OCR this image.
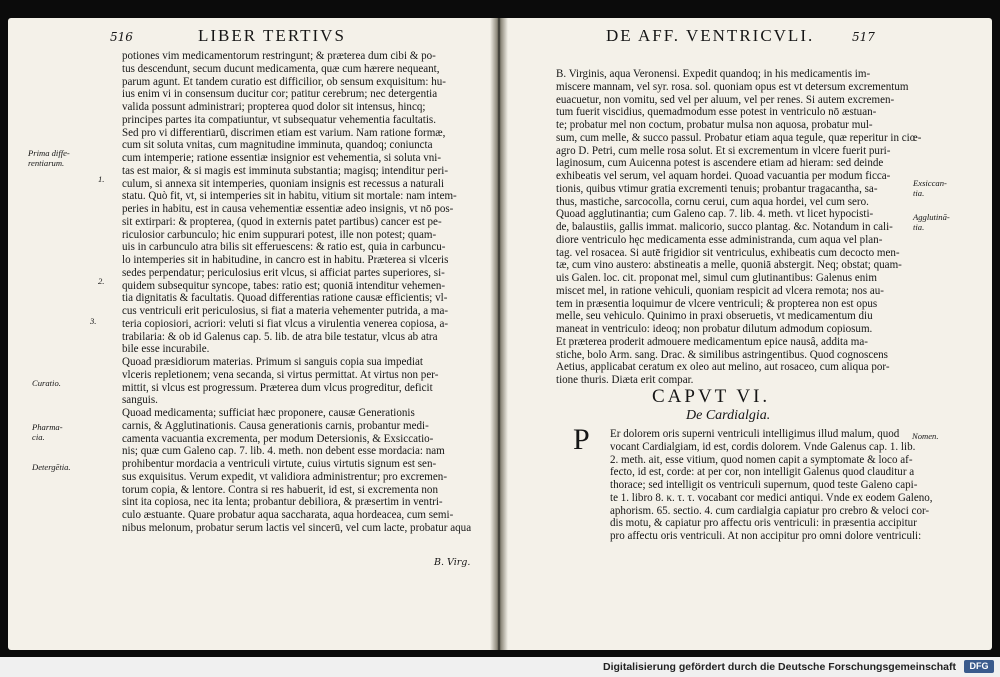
516	LIBER TERTIVS
potiones vim medicamentorum restringunt; & præterea dum cibi & po-
tus descendunt, secum ducunt medicamenta, quæ cum hærere nequeant,
parum agunt. Et tandem curatio est difficilior, ob sensum exquisitum: hu-
ius enim vi in consensum ducitur cor; patitur cerebrum; nec detergentia
valida possunt administrari; propterea quod dolor sit intensus, hincq;
principes partes ita compatiuntur, vt subsequatur vehementia facultatis.
Sed pro vi differentiarū, discrimen etiam est varium. Nam ratione formæ,
cum sit soluta vnitas, cum magnitudine imminuta, quandoq; coniuncta
cum intemperie; ratione essentiæ insignior est vehementia, si soluta vni-
tas est maior, & si magis est imminuta substantia; magisq; intenditur peri-
culum, si annexa sit intemperies, quoniam insignis est recessus a naturali
statu. Quò fit, vt, si intemperies sit in habitu, vitium sit mortale: nam intem-
peries in habitu, est in causa vehementiæ essentiæ adeo insignis, vt nō pos-
sit extirpari: & propterea, (quod in externis patet partibus) cancer est pe-
riculosior carbunculo; hic enim suppurari potest, ille non potest; quam-
uis in carbunculo atra bilis sit efferuescens: & ratio est, quia in carbuncu-
lo intemperies sit in habitudine, in cancro est in habitu. Præterea si vlceris
sedes perpendatur; periculosius erit vlcus, si afficiat partes superiores, si-
quidem subsequitur syncope, tabes: ratio est; quoniā intenditur vehemen-
tia dignitatis & facultatis. Quoad differentias ratione causæ efficientis; vl-
cus ventriculi erit periculosius, si fiat a materia vehementer putrida, a ma-
teria copiosiori, acriori: veluti si fiat vlcus a virulentia venerea copiosa, a-
trabilaria: & ob id Galenus cap. 5. lib. de atra bile testatur, vlcus ab atra
bile esse incurabile.
Quoad præsidiorum materias. Primum si sanguis copia sua impediat
vlceris repletionem; vena secanda, si virtus permittat. At virtus non per-
mittit, si vlcus est progressum. Præterea dum vlcus progreditur, deficit
sanguis.
Quoad medicamenta; sufficiat hæc proponere, causæ Generationis
carnis, & Agglutinationis. Causa generationis carnis, probantur medi-
camenta vacuantia excrementa, per modum Detersionis, & Exsiccatio-
nis; quæ cum Galeno cap. 7. lib. 4. meth. non debent esse mordacia: nam
prohibentur mordacia a ventriculi virtute, cuius virtutis signum est sen-
sus exquisitus. Verum expedit, vt validiora administrentur; pro excremen-
torum copia, & lentore. Contra si res habuerit, id est, si excrementa non
sint ita copiosa, nec ita lenta; probantur debiliora, & præsertim in ventri-
culo æstuante. Quare probatur aqua saccharata, aqua hordeacea, cum semi-
nibus melonum, probatur serum lactis vel sincerū, vel cum lacte, probatur aqua
Prima diffe-
rentiarum.
1.
2.
3.
Curatio.
Pharma-
cia.
Detergētia.
B. Virg.
DE AFF. VENTRICVLI.	517
B. Virginis, aqua Veronensi. Expedit quandoq; in his medicamentis im-
miscere mannam, vel syr. rosa. sol. quoniam opus est vt detersum excrementum
euacuetur, non vomitu, sed vel per aluum, vel per renes. Si autem excremen-
tum fuerit viscidius, quemadmodum esse potest in ventriculo nō æstuan-
te; probatur mel non coctum, probatur mulsa non aquosa, probatur mul-
sum, cum melle, & succo passul. Probatur etiam aqua tegule, quæ reperitur in ciœ-
agro D. Petri, cum melle rosa solut. Et si excrementum in vlcere fuerit puri-
laginosum, cum Auicenna potest is ascendere etiam ad hieram: sed deinde
exhibeatis vel serum, vel aquam hordei. Quoad vacuantia per modum ficca-
tionis, quibus vtimur gratia excrementi tenuis; probantur tragacantha, sa-
thus, mastiche, sarcocolla, cornu cerui, cum aqua hordei, vel cum sero.
Quoad agglutinantia; cum Galeno cap. 7. lib. 4. meth. vt licet hypocisti-
de, balaustiis, gallis immat. malicorio, succo plantag. &c. Notandum in cali-
diore ventriculo hęc medicamenta esse administranda, cum aqua vel plan-
tag. vel rosacea. Si autē frigidior sit ventriculus, exhibeatis cum decocto men-
tæ, cum vino austero: abstineatis a melle, quoniā abstergit. Neq; obstat; quam-
uis Galen. loc. cit. proponat mel, simul cum glutinantibus: Galenus enim
miscet mel, in ratione vehiculi, quoniam respicit ad vlcera remota; nos au-
tem in præsentia loquimur de vlcere ventriculi; & propterea non est opus
melle, seu vehiculo. Quinimo in praxi obseruetis, vt medicamentum diu
maneat in ventriculo: ideoq; non probatur dilutum admodum copiosum.
Et præterea proderit admouere medicamentum epice nausâ, addita ma-
stiche, bolo Arm. sang. Drac. & similibus astringentibus. Quod cognoscens
Aetius, applicabat ceratum ex oleo aut melino, aut rosaceo, cum aliqua por-
tione thuris. Diæta erit compar.
Exsiccan-
tia.
Agglutinā-
tia.
Nomen.
CAPVT VI.
De Cardialgia.
P Er dolorem oris superni ventriculi intelligimus illud malum, quod
vocant Cardialgiam, id est, cordis dolorem. Vnde Galenus cap. 1. lib.
2. meth. ait, esse vitium, quod nomen capit a symptomate & loco af-
fecto, id est, corde: at per cor, non intelligit Galenus quod clauditur a
thorace; sed intelligit os ventriculi supernum, quod teste Galeno capi-
te 1. libro 8. κ. τ. τ. vocabant cor medici antiqui. Vnde ex eodem Galeno,
aphorism. 65. sectio. 4. cum cardialgia capiatur pro crebro & veloci cor-
dis motu, & capiatur pro affectu oris ventriculi: in præsentia accipitur
pro affectu oris ventriculi. At non accipitur pro omni dolore ventriculi:
Digitalisierung gefördert durch die Deutsche Forschungsgemeinschaft	DFG
